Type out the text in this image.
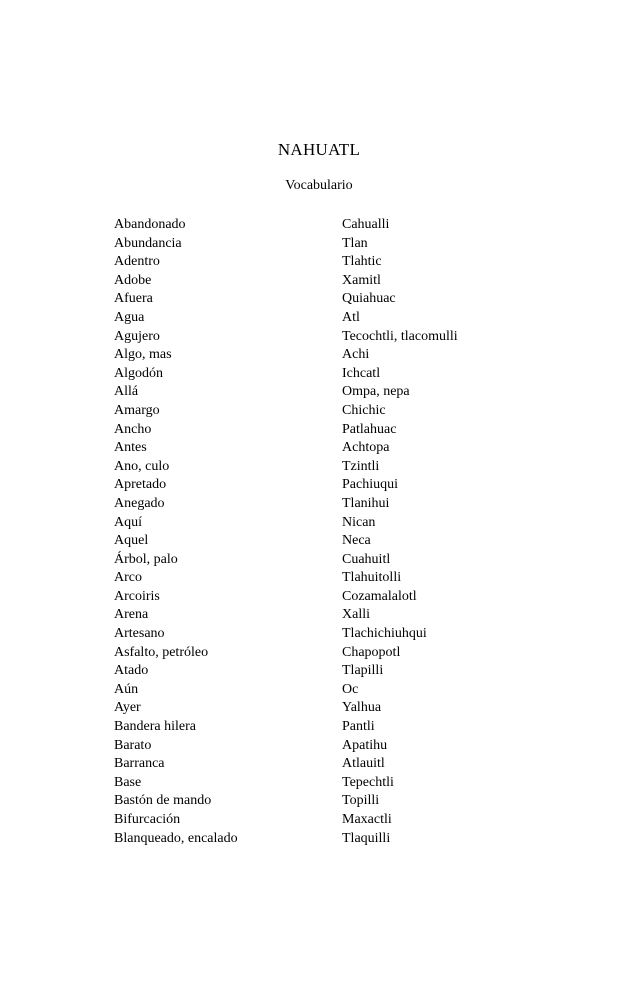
NAHUATL
Vocabulario
Abandonado	Cahualli
Abundancia	Tlan
Adentro	Tlahtic
Adobe	Xamitl
Afuera	Quiahuac
Agua	Atl
Agujero	Tecochtli, tlacomulli
Algo, mas	Achi
Algodón	Ichcatl
Allá	Ompa, nepa
Amargo	Chichic
Ancho	Patlahuac
Antes	Achtopa
Ano, culo	Tzintli
Apretado	Pachiuqui
Anegado	Tlanihui
Aquí	Nican
Aquel	Neca
Árbol, palo	Cuahuitl
Arco	Tlahuitolli
Arcoiris	Cozamalalotl
Arena	Xalli
Artesano	Tlachichiuhqui
Asfalto, petróleo	Chapopotl
Atado	Tlapilli
Aún	Oc
Ayer	Yalhua
Bandera hilera	Pantli
Barato	Apatihu
Barranca	Atlauitl
Base	Tepechtli
Bastón de mando	Topilli
Bifurcación	Maxactli
Blanqueado, encalado	Tlaquilli
